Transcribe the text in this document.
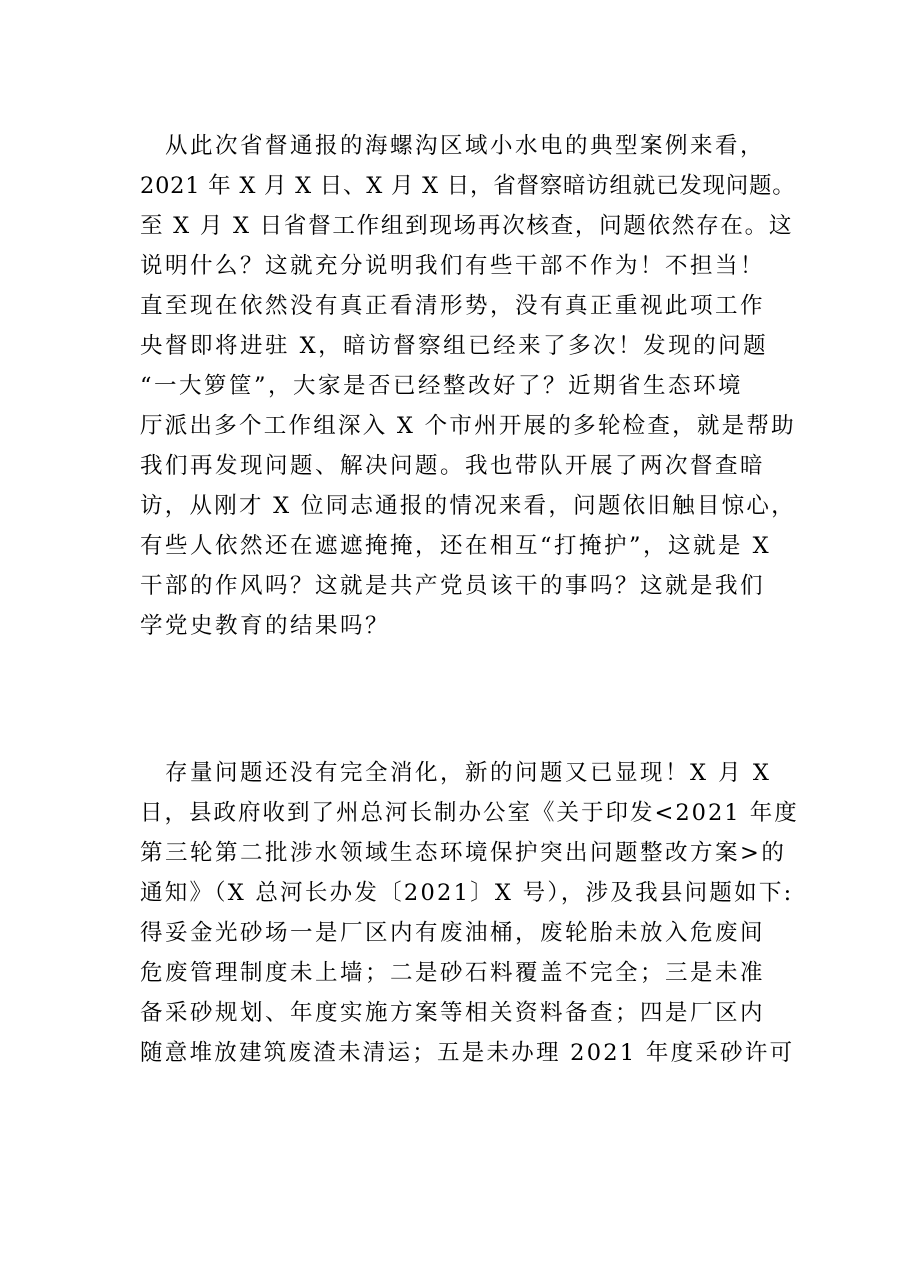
　从此次省督通报的海螺沟区域小水电的典型案例来看，
2021 年 X 月 X 日、X 月 X 日，省督察暗访组就已发现问题。
至 X 月 X 日省督工作组到现场再次核查，问题依然存在。这
说明什么？这就充分说明我们有些干部不作为！不担当！
直至现在依然没有真正看清形势，没有真正重视此项工作
央督即将进驻 X，暗访督察组已经来了多次！发现的问题
“一大箩筐”，大家是否已经整改好了？近期省生态环境
厅派出多个工作组深入 X 个市州开展的多轮检查，就是帮助
我们再发现问题、解决问题。我也带队开展了两次督查暗
访，从刚才 X 位同志通报的情况来看，问题依旧触目惊心，
有些人依然还在遮遮掩掩，还在相互“打掩护”，这就是 X
干部的作风吗？这就是共产党员该干的事吗？这就是我们
学党史教育的结果吗？
　存量问题还没有完全消化，新的问题又已显现！X 月 X
日，县政府收到了州总河长制办公室《关于印发<2021 年度
第三轮第二批涉水领域生态环境保护突出问题整改方案>的
通知》（X 总河长办发〔2021〕X 号），涉及我县问题如下:
得妥金光砂场一是厂区内有废油桶，废轮胎未放入危废间
危废管理制度未上墙；二是砂石料覆盖不完全；三是未准
备采砂规划、年度实施方案等相关资料备查；四是厂区内
随意堆放建筑废渣未清运；五是未办理 2021 年度采砂许可
